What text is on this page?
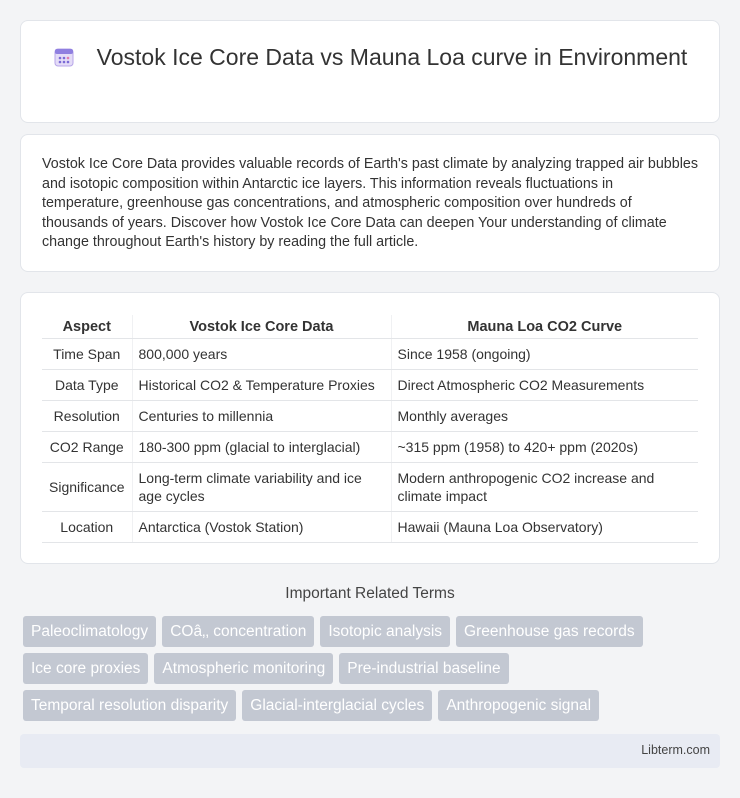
Vostok Ice Core Data vs Mauna Loa curve in Environment

Vostok Ice Core Data provides valuable records of Earth's past climate by analyzing trapped air bubbles and isotopic composition within Antarctic ice layers. This information reveals fluctuations in temperature, greenhouse gas concentrations, and atmospheric composition over hundreds of thousands of years. Discover how Vostok Ice Core Data can deepen Your understanding of climate change throughout Earth's history by reading the full article.

Aspect	Vostok Ice Core Data	Mauna Loa CO2 Curve
Time Span	800,000 years	Since 1958 (ongoing)
Data Type	Historical CO2 & Temperature Proxies	Direct Atmospheric CO2 Measurements
Resolution	Centuries to millennia	Monthly averages
CO2 Range	180-300 ppm (glacial to interglacial)	~315 ppm (1958) to 420+ ppm (2020s)
Significance	Long-term climate variability and ice age cycles	Modern anthropogenic CO2 increase and climate impact
Location	Antarctica (Vostok Station)	Hawaii (Mauna Loa Observatory)
Important Related Terms
Paleoclimatology COâ‚‚ concentration Isotopic analysis Greenhouse gas records
Ice core proxies Atmospheric monitoring Pre-industrial baseline
Temporal resolution disparity Glacial-interglacial cycles Anthropogenic signal
Libterm.com
